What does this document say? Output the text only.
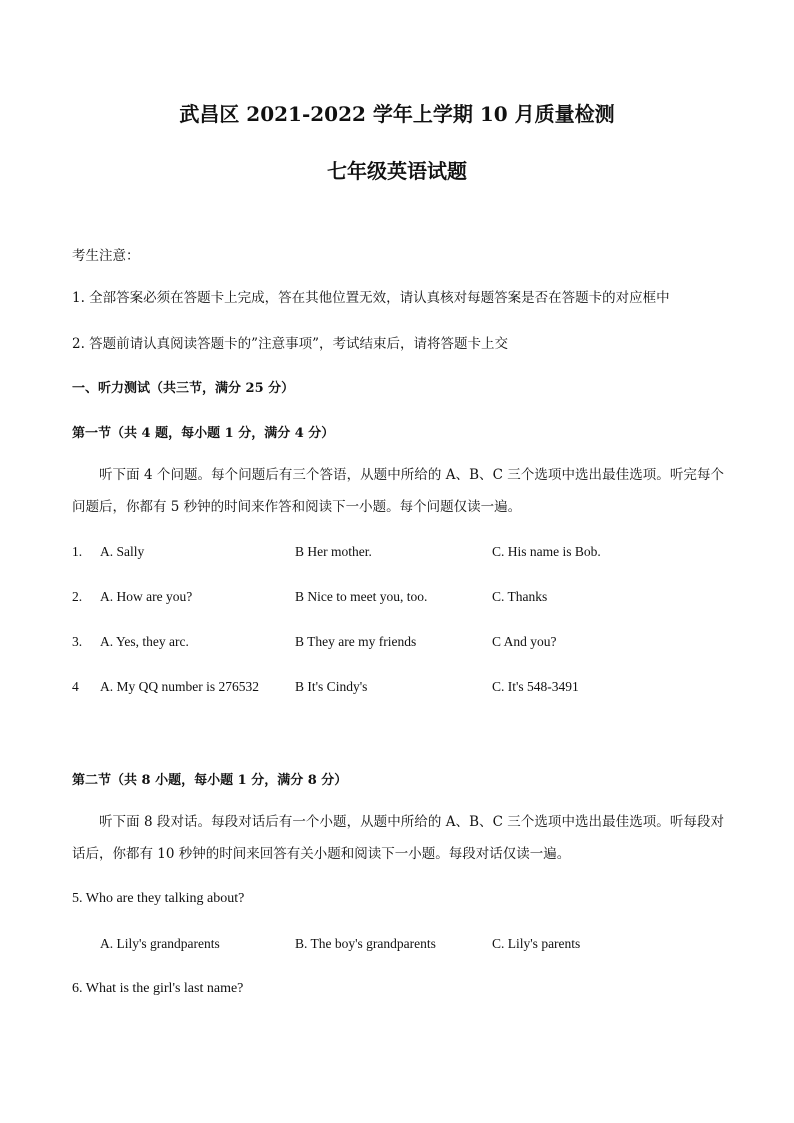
武昌区 2021-2022 学年上学期 10 月质量检测
七年级英语试题
考生注意：
1. 全部答案必须在答题卡上完成，答在其他位置无效，请认真核对每题答案是否在答题卡的对应框中
2. 答题前请认真阅读答题卡的”注意事项”，考试结束后，请将答题卡上交
一、听力测试（共三节，满分 25 分）
第一节（共 4 题，每小题 1 分，满分 4 分）
听下面 4 个问题。每个问题后有三个答语，从题中所给的 A、B、C 三个选项中选出最佳选项。听完每个问题后，你都有 5 秒钟的时间来作答和阅读下一小题。每个问题仅读一遍。
1. A. Sally	B Her mother.	C. His name is Bob.
2. A. How are you?	B Nice to meet you, too.	C. Thanks
3. A. Yes, they arc.	B They are my friends	C And you?
4 A. My QQ number is 276532	B It's Cindy's	C. It's 548-3491
第二节（共 8 小题，每小题 1 分，满分 8 分）
听下面 8 段对话。每段对话后有一个小题，从题中所给的 A、B、C 三个选项中选出最佳选项。听每段对话后，你都有 10 秒钟的时间来回答有关小题和阅读下一小题。每段对话仅读一遍。
5. Who are they talking about?
A. Lily's grandparents	B. The boy's grandparents	C. Lily's parents
6. What is the girl's last name?
